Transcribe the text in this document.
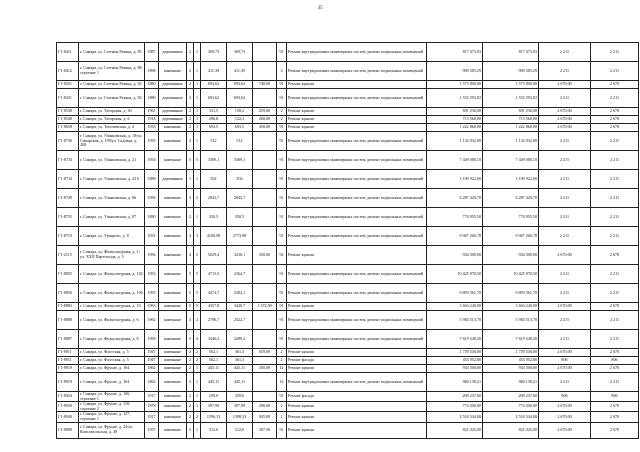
35
Г1-8411	г. Самара, ул. Степана Разина, д. 85	1887	деревянные	2	1	369,73	369,73		91	Ремонт внутридомовых инженерных систем, ремонт подвальных помещений	817 473,03	817 473,03	2 211	2 211
Г1-8412	г. Самара, ул. Степана Разина, д. 88, строение 1	1898	каменные	2	1	411,39	411,39		3	Ремонт внутридомовых инженерных систем, ремонт подвальных помещений	909 585,29	909 585,29	2 211	2 211
Г1-8431	г. Самара, ул. Степана Разина, д. 92	1880	деревянные	2	1	693,62	693,62	740,00	91	Ремонт крыши	1 575 800,00	1 575 800,00	2 670,00	2 670
Г1-8431	г. Самара, ул. Степана Разина, д. 92	1880	деревянные	2	1	693,62	693,62		91	Ремонт внутридомовых инженерных систем, ремонт подвальных помещений	1 533 593,82	1 533 593,82	2 211	2 211
Г1-8538	г. Самара, ул. Татарская, д. 30	1961	деревянные	2	1	331,5	158,2	259,00	2	Ремонт крыши	691 530,00	691 530,00	2 670,00	2 670
Г1-8548	г. Самара, ул. Татарская, д. 6	1914	деревянные	2	1	296,8	122,3	268,00	2	Ремонт крыши	715 560,00	715 560,00	2 670,00	2 670
Г1-8658	г. Самара, ул. Тополевская, д. 4	1933	каменные	2	1	693,5	693,5	458,00	91	Ремонт крыши	1 222 860,00	1 222 860,00	2 670,00	2 670
Г1-8736	г. Самара, ул. Ульяновская, д. 18/ул. Самарская, д. 199/ул. Садовая, д. 208	1935	каменные	4	1	512	512		91	Ремонт внутридомовых инженерных систем, ремонт подвальных помещений	1 132 032,00	1 132 032,00	2 211	2 211
Г1-8733	г. Самара, ул. Ульяновская, д. 21	1934	каменные	5	5	3369,1	3369,1		91	Ремонт внутридомовых инженерных систем, ремонт подвальных помещений	7 449 080,10	7 449 080,10	2 211	2 211
Г1-8734	г. Самара, ул. Ульяновская, д. 22 Б	1889	деревянные	1	1	502	502		91	Ремонт внутридомовых инженерных систем, ремонт подвальных помещений	1 109 922,00	1 109 922,00	2 211	2 211
Г1-8749	г. Самара, ул. Ульяновская, д. 66	1956	каменные	3	2	2843,7	2843,7		91	Ремонт внутридомовых инженерных систем, ремонт подвальных помещений	6 287 420,70	6 287 420,70	2 211	2 211
Г1-8755	г. Самара, ул. Ульяновская, д. 87	1880	каменные	2	1	350,5	350,5		91	Ремонт внутридомовых инженерных систем, ремонт подвальных помещений	774 955,50	774 955,50	2 211	2 211
Г1-8719	г. Самара, ул. Урицкого, д. 8	1931	каменные	4	3	4100,98	2773,98		91	Ремонт внутридомовых инженерных систем, ремонт подвальных помещений	9 067 266,78	9 067 266,78	2 211	2 211
Г1-2115	г. Самара, ул. Физкультурная, д. 1/ул. XXII Партсъезда, д. 5	1956	каменные	4	5	5029,4	3236,1	350,00	92	Ремонт крыши	934 500,00	934 500,00	2 670,00	2 670
Г1-8855	г. Самара, ул. Физкультурная, д. 102	1953	каменные	5	5	4715,5	2364,7		91	Ремонт внутридомовых инженерных систем, ремонт подвальных помещений	10 425 970,50	10 425 970,50	2 211	2 211
Г1-8856	г. Самара, ул. Физкультурная, д. 106	1955	каменные	5	5	4474,7	2382,1		91	Ремонт внутридомовых инженерных систем, ремонт подвальных помещений	9 893 561,70	9 893 561,70	2 211	2 211
Г1-8882	г. Самара, ул. Физкультурная, д. 33	1963	каменные	5	5	4357,8	3420,7	1 372,00	91	Ремонт крыши	3 663 240,00	3 663 240,00	2 670,00	2 670
Г1-8888	г. Самара, ул. Физкультурная, д. 6	1962	каменные	3	2	2706,7	2522,7		91	Ремонт внутридомовых инженерных систем, ремонт подвальных помещений	5 984 513,70	5 984 513,70	2 211	2 211
Г1-8887	г. Самара, ул. Физкультурная, д. 8	1959	каменные	5	4	3446,2	3289,2		91	Ремонт внутридомовых инженерных систем, ремонт подвальных помещений	7 619 548,20	7 619 548,20	2 211	2 211
Г1-8911	г. Самара, ул. Флотская, д. 5	1947	каменные	2	2	562,1	361,3	659,00	2	Ремонт крыши	1 759 530,00	1 759 530,00	2 670,00	2 670
Г1-8911	г. Самара, ул. Флотская, д. 5	1947	каменные	2	2	562,1	361,3		2	Ремонт фасада	453 052,80	453 052,80	806	806
Г1-8919	г. Самара, ул. Фрунзе, д. 104	1862	каменные	2	1	445,11	445,11	350,00	12	Ремонт крыши	934 500,00	934 500,00	2 670,00	2 670
Г1-8919	г. Самара, ул. Фрунзе, д. 104	1862	каменные	2	1	445,11	445,11		12	Ремонт внутридомовых инженерных систем, ремонт подвальных помещений	984 138,21	984 138,21	2 211	2 211
Г1-8924	г. Самара, ул. Фрунзе, д. 106, строение 1	1917	каменные	2	1	259,6	259,6		91	Ремонт фасада	209 237,60	209 237,60	806	806
Г1-8930	г. Самара, ул. Фрунзе, д. 110, строение 2	1878	каменные	2	1	397,99	397,99	290,00	2	Ремонт крыши	774 300,00	774 300,00	2 670,00	2 670
Г1-8940	г. Самара, ул. Фрунзе, д. 127, строение 1	1917	каменные	2	2	1596,13	1398,33	945,00	2	Ремонт крыши	2 518 344,00	2 518 344,00	2 670,00	2 670
Г1-8980	г. Самара, ул. Фрунзе, д. 24/ул. Комсомольская, д. 49	1937	каменные	2	1	312,6	312,6	307,50	91	Ремонт крыши	821 025,00	821 025,00	2 670,00	2 670
